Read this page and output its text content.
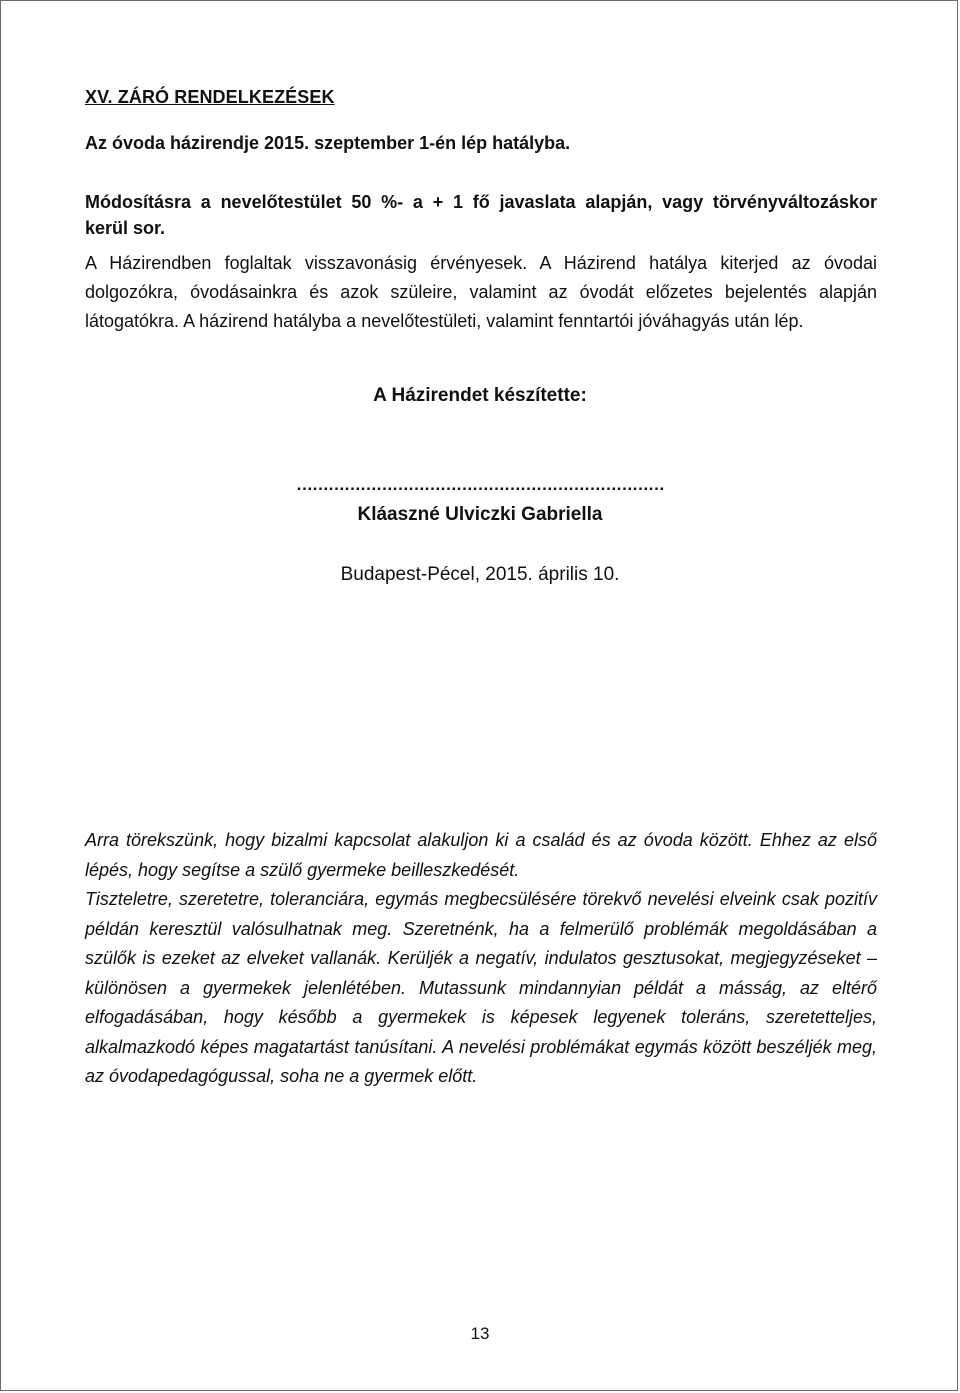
XV. ZÁRÓ RENDELKEZÉSEK
Az óvoda házirendje 2015. szeptember 1-én lép hatályba.
Módosításra a nevelőtestület 50 %- a + 1 fő javaslata alapján, vagy törvényváltozáskor
kerül sor.
A Házirendben foglaltak visszavonásig érvényesek. A Házirend hatálya kiterjed az óvodai
dolgozókra, óvodásainkra és azok szüleire, valamint az óvodát előzetes bejelentés alapján
látogatókra. A házirend hatályba a nevelőtestületi, valamint fenntartói jóváhagyás után lép.
A Házirendet készítette:
……………………………………………………………
Kláaszné Ulviczki Gabriella
Budapest-Pécel, 2015. április 10.
Arra törekszünk, hogy bizalmi kapcsolat alakuljon ki a család és az óvoda között. Ehhez az első lépés, hogy segítse a szülő gyermeke beilleszkedését.
Tiszteletre, szeretetre, toleranciára, egymás megbecsülésére törekvő nevelési elveink csak pozitív példán keresztül valósulhatnak meg. Szeretnénk, ha a felmerülő problémák megoldásában a szülők is ezeket az elveket vallanák. Kerüljék a negatív, indulatos gesztusokat, megjegyzéseket – különösen a gyermekek jelenlétében. Mutassunk mindannyian példát a másság, az eltérő elfogadásában, hogy később a gyermekek is képesek legyenek toleráns, szeretetteljes, alkalmazkodó képes magatartást tanúsítani. A nevelési problémákat egymás között beszéljék meg, az óvodapedagógussal, soha ne a gyermek előtt.
13
